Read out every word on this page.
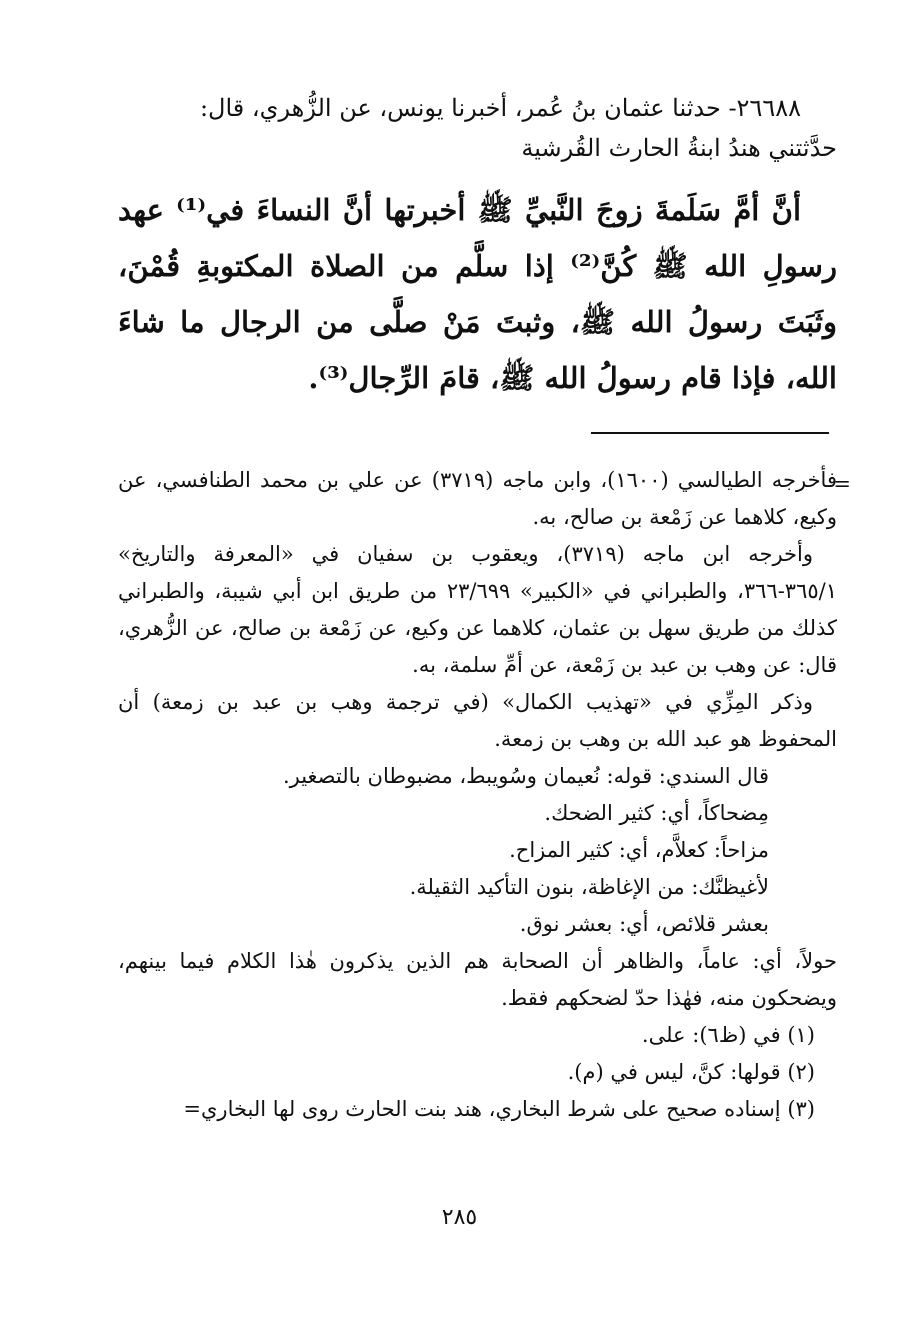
٢٦٦٨٨- حدثنا عثمان بنُ عُمر، أخبرنا يونس، عن الزُّهري، قال:

حدَّثتني هندُ ابنةُ الحارث القُرشية

أنَّ أمَّ سَلَمةَ زوجَ النَّبيِّ ﷺ أخبرتها أنَّ النساءَ في⁽¹⁾ عهد رسولِ الله ﷺ كُنَّ⁽²⁾ إذا سلَّم من الصلاة المكتوبةِ قُمْنَ، وثَبَتَ رسولُ الله ﷺ، وثبتَ مَنْ صلَّى من الرجال ما شاءَ الله، فإذا قام رسولُ الله ﷺ، قامَ الرِّجال⁽³⁾.

=

فأخرجه الطيالسي (١٦٠٠)، وابن ماجه (٣٧١٩) عن علي بن محمد الطنافسي، عن وكيع، كلاهما عن زَمْعة بن صالح، به.

وأخرجه ابن ماجه (٣٧١٩)، ويعقوب بن سفيان في «المعرفة والتاريخ» ٣٦٥/١-٣٦٦، والطبراني في «الكبير» ٢٣/٦٩٩ من طريق ابن أبي شيبة، والطبراني كذلك من طريق سهل بن عثمان، كلاهما عن وكيع، عن زَمْعة بن صالح، عن الزُّهري، قال: عن وهب بن عبد بن زَمْعة، عن أمِّ سلمة، به.

وذكر المِزِّي في «تهذيب الكمال» (في ترجمة وهب بن عبد بن زمعة) أن المحفوظ هو عبد الله بن وهب بن زمعة.

قال السندي: قوله: نُعيمان وسُويبط، مضبوطان بالتصغير.

مِضحاكاً، أي: كثير الضحك.

مزاحاً: كعلاَّم، أي: كثير المزاح.

لأغيظنَّك: من الإغاظة، بنون التأكيد الثقيلة.

بعشر قلائص، أي: بعشر نوق.

حولاً، أي: عاماً، والظاهر أن الصحابة هم الذين يذكرون هٰذا الكلام فيما بينهم، ويضحكون منه، فهٰذا حدّ لضحكهم فقط.

(١) في (ظ٦): على.

(٢) قولها: كنَّ، ليس في (م).

(٣) إسناده صحيح على شرط البخاري، هند بنت الحارث روى لها البخاري=

٢٨٥
